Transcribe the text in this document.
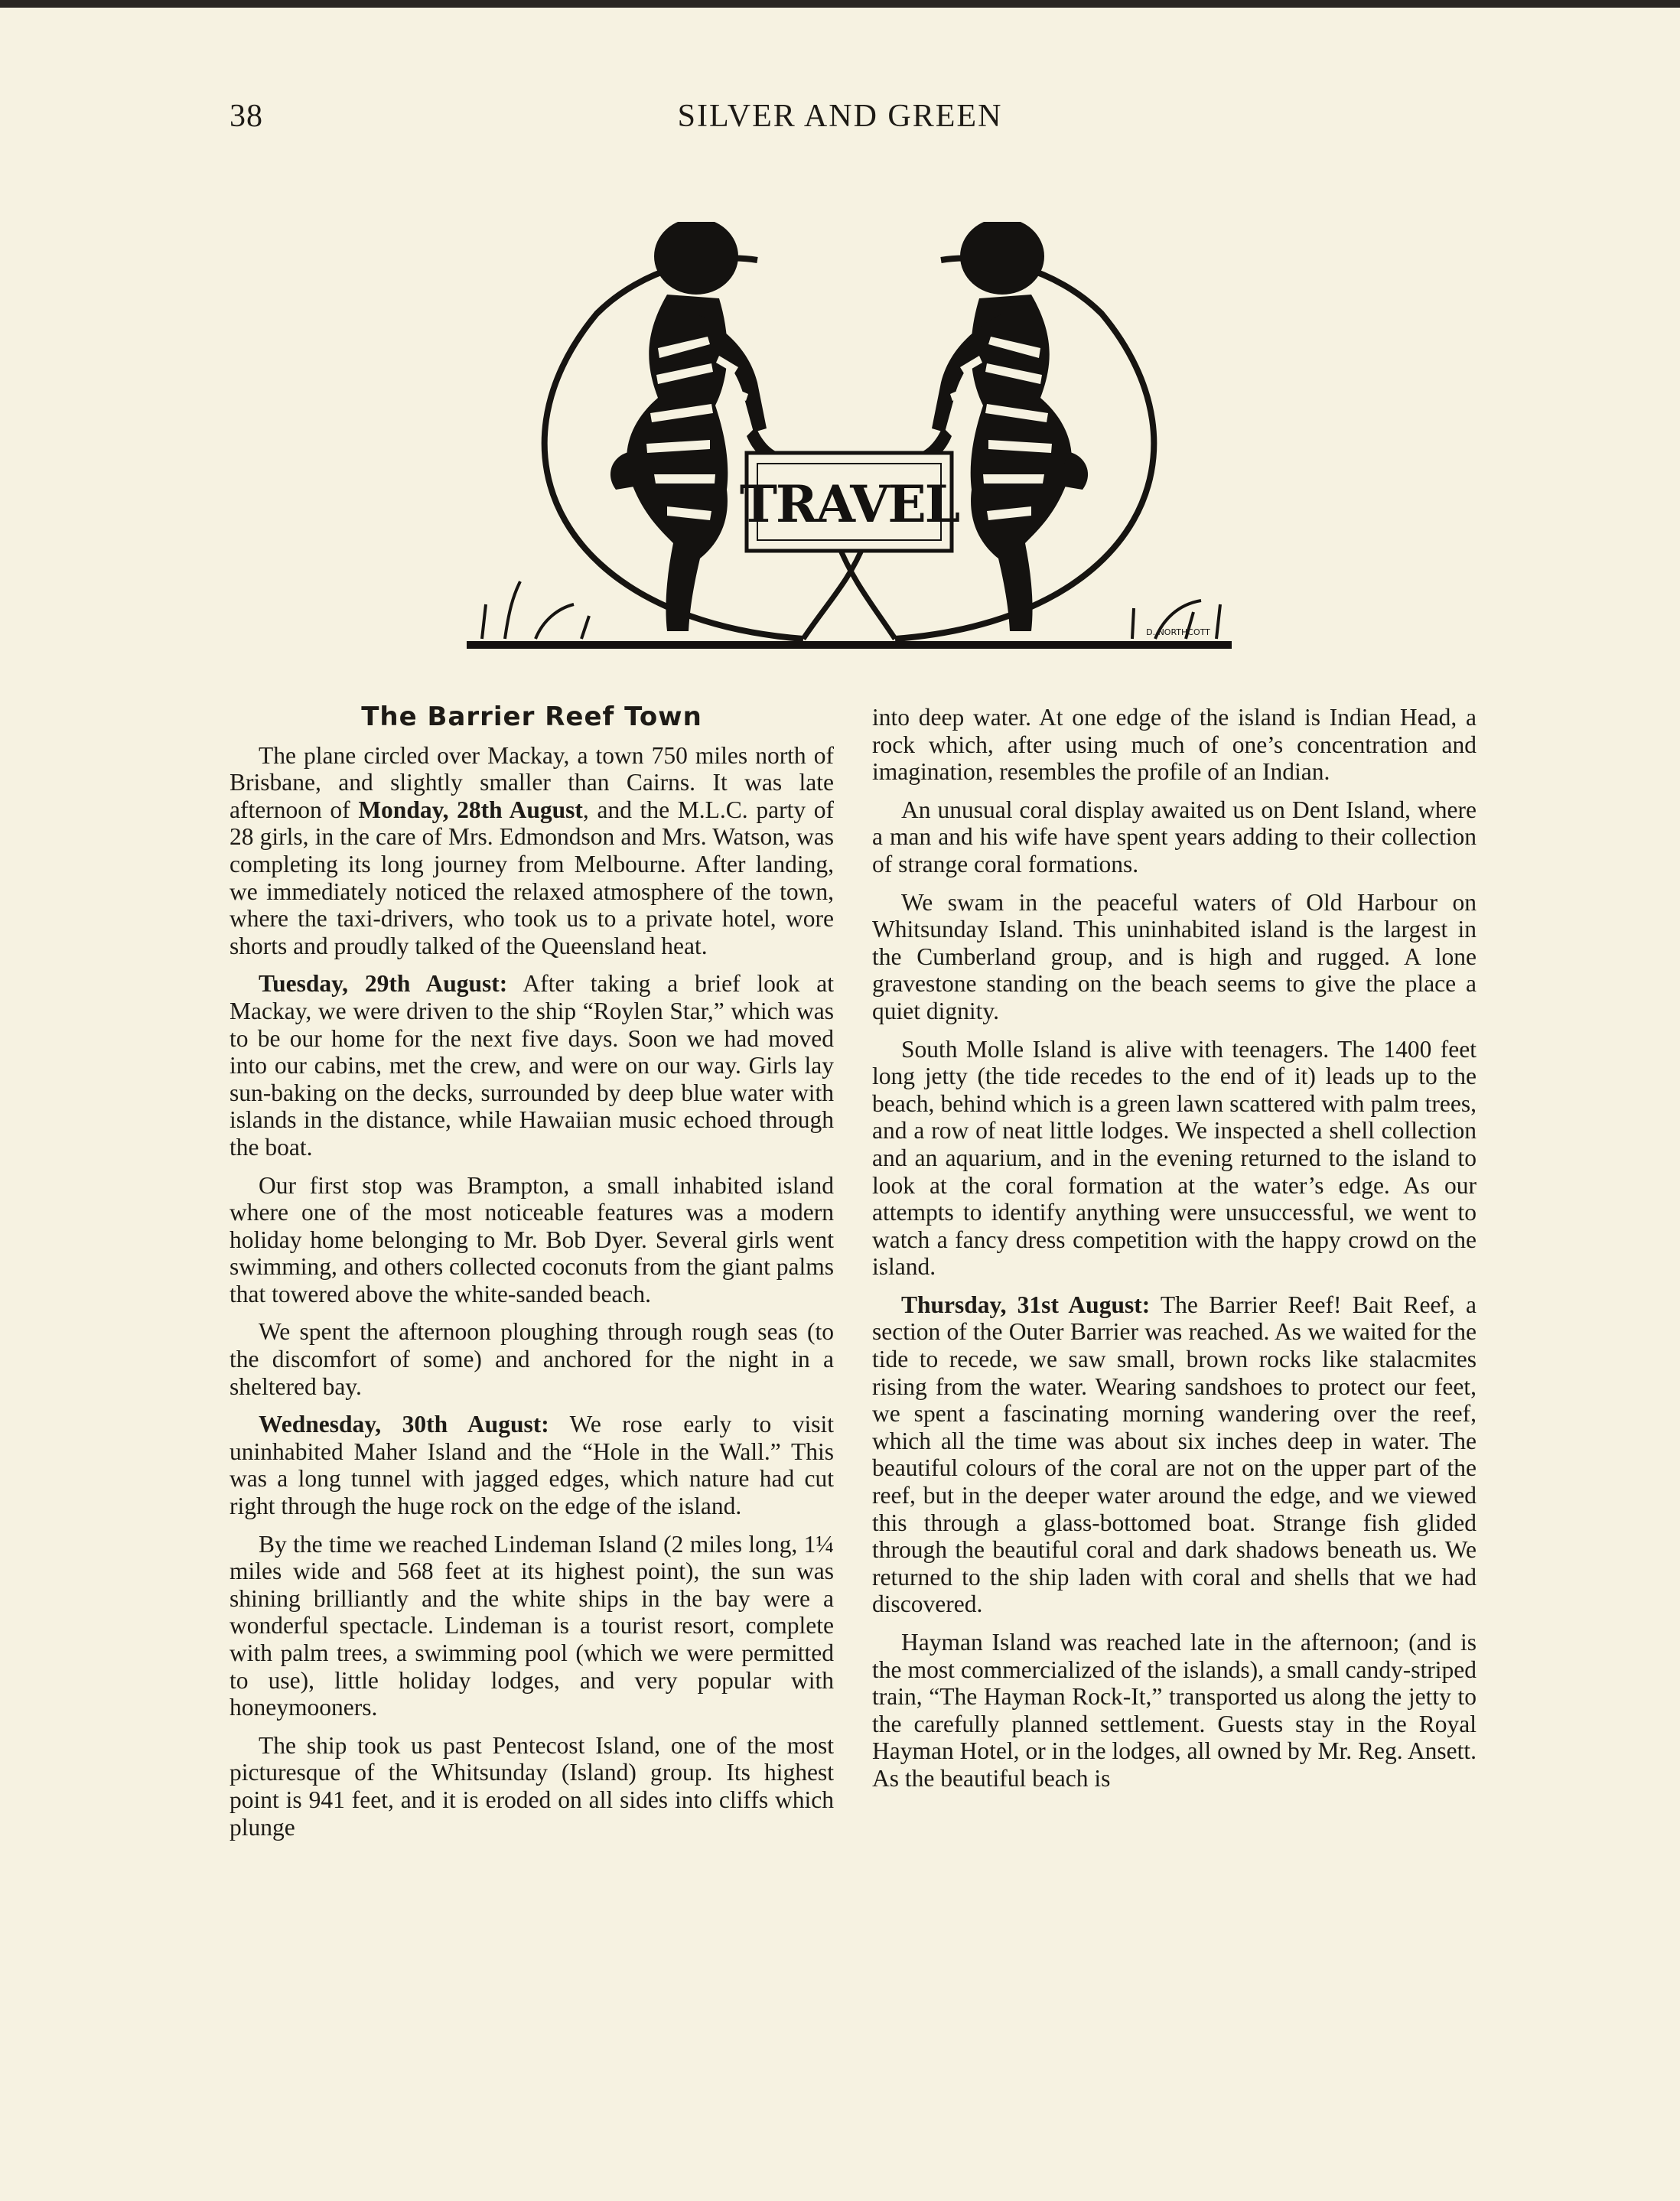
38	SILVER AND GREEN
TRAVEL
D. NORTHCOTT
The Barrier Reef Town

The plane circled over Mackay, a town 750 miles north of Brisbane, and slightly smaller than Cairns. It was late afternoon of Monday, 28th August, and the M.L.C. party of 28 girls, in the care of Mrs. Edmondson and Mrs. Watson, was completing its long journey from Melbourne. After landing, we immediately noticed the relaxed atmosphere of the town, where the taxi-drivers, who took us to a private hotel, wore shorts and proudly talked of the Queensland heat.

Tuesday, 29th August: After taking a brief look at Mackay, we were driven to the ship “Roylen Star,” which was to be our home for the next five days. Soon we had moved into our cabins, met the crew, and were on our way. Girls lay sun-baking on the decks, surrounded by deep blue water with islands in the distance, while Hawaiian music echoed through the boat.

Our first stop was Brampton, a small inhabited island where one of the most noticeable features was a modern holiday home belonging to Mr. Bob Dyer. Several girls went swimming, and others collected coconuts from the giant palms that towered above the white-sanded beach.

We spent the afternoon ploughing through rough seas (to the discomfort of some) and anchored for the night in a sheltered bay.

Wednesday, 30th August: We rose early to visit uninhabited Maher Island and the “Hole in the Wall.” This was a long tunnel with jagged edges, which nature had cut right through the huge rock on the edge of the island.

By the time we reached Lindeman Island (2 miles long, 1¼ miles wide and 568 feet at its highest point), the sun was shining brilliantly and the white ships in the bay were a wonderful spectacle. Lindeman is a tourist resort, complete with palm trees, a swimming pool (which we were permitted to use), little holiday lodges, and very popular with honeymooners.

The ship took us past Pentecost Island, one of the most picturesque of the Whitsunday (Island) group. Its highest point is 941 feet, and it is eroded on all sides into cliffs which plunge

into deep water. At one edge of the island is Indian Head, a rock which, after using much of one’s concentration and imagination, resembles the profile of an Indian.

An unusual coral display awaited us on Dent Island, where a man and his wife have spent years adding to their collection of strange coral formations.

We swam in the peaceful waters of Old Harbour on Whitsunday Island. This uninhabited island is the largest in the Cumberland group, and is high and rugged. A lone gravestone standing on the beach seems to give the place a quiet dignity.

South Molle Island is alive with teenagers. The 1400 feet long jetty (the tide recedes to the end of it) leads up to the beach, behind which is a green lawn scattered with palm trees, and a row of neat little lodges. We inspected a shell collection and an aquarium, and in the evening returned to the island to look at the coral formation at the water’s edge. As our attempts to identify anything were unsuccessful, we went to watch a fancy dress competition with the happy crowd on the island.

Thursday, 31st August: The Barrier Reef! Bait Reef, a section of the Outer Barrier was reached. As we waited for the tide to recede, we saw small, brown rocks like stalacmites rising from the water. Wearing sandshoes to protect our feet, we spent a fascinating morning wandering over the reef, which all the time was about six inches deep in water. The beautiful colours of the coral are not on the upper part of the reef, but in the deeper water around the edge, and we viewed this through a glass-bottomed boat. Strange fish glided through the beautiful coral and dark shadows beneath us. We returned to the ship laden with coral and shells that we had discovered.

Hayman Island was reached late in the afternoon; (and is the most commercialized of the islands), a small candy-striped train, “The Hayman Rock-It,” transported us along the jetty to the carefully planned settlement. Guests stay in the Royal Hayman Hotel, or in the lodges, all owned by Mr. Reg. Ansett. As the beautiful beach is
